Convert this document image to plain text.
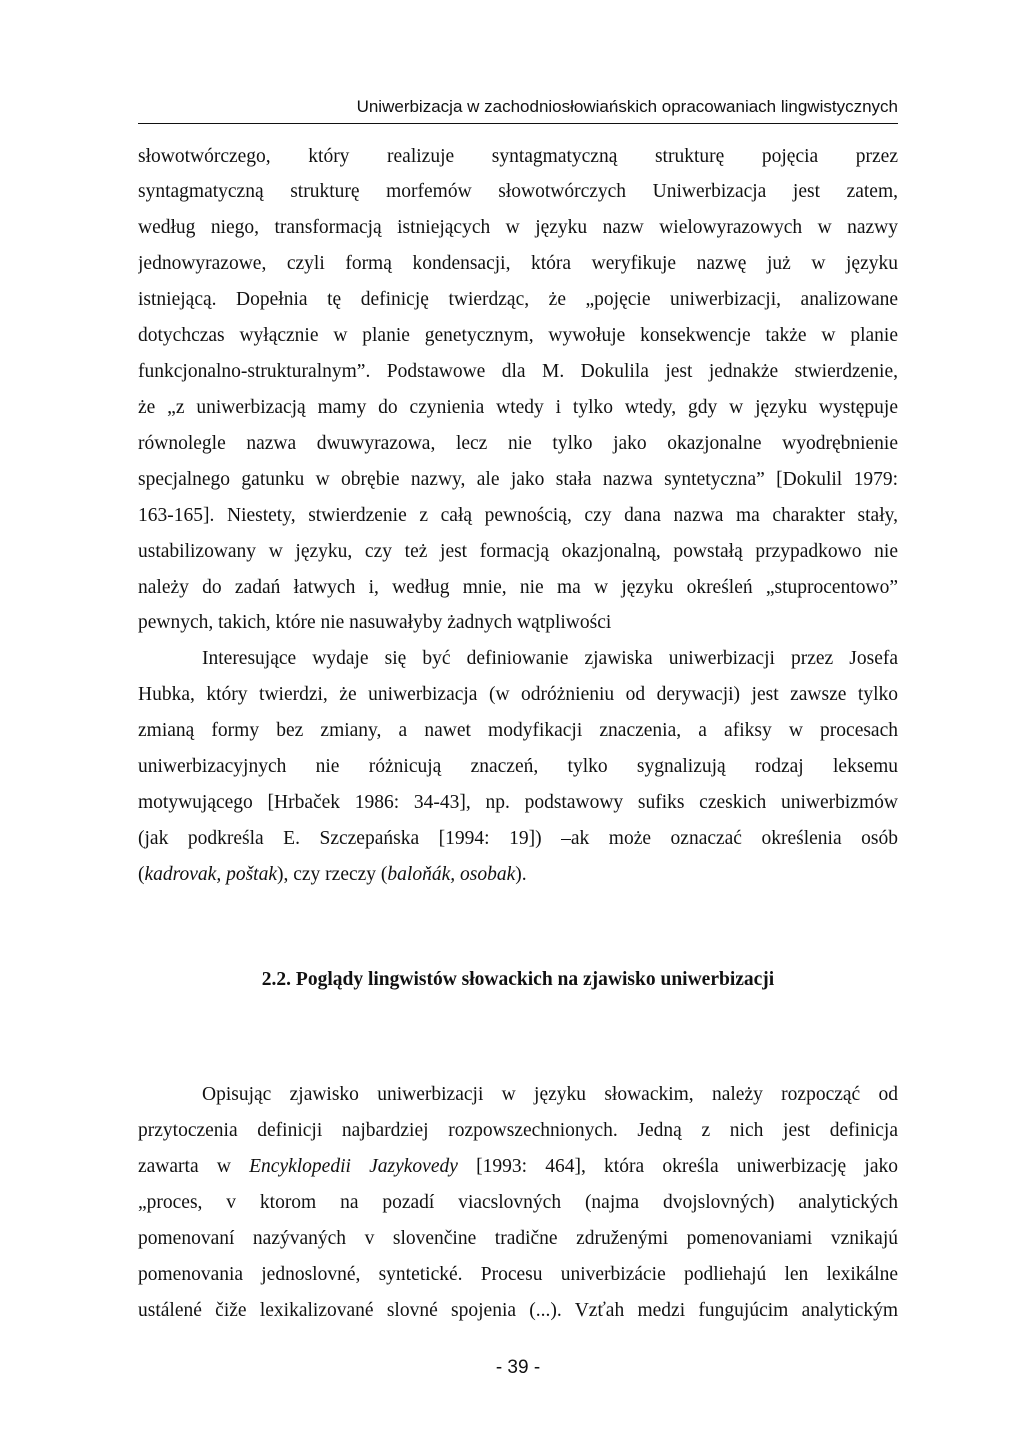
Uniwerbizacja w zachodniosłowiańskich opracowaniach lingwistycznych
słowotwórczego, który realizuje syntagmatyczną strukturę pojęcia przez
syntagmatyczną strukturę morfemów słowotwórczych Uniwerbizacja jest zatem,
według niego, transformacją istniejących w języku nazw wielowyrazowych w nazwy
jednowyrazowe, czyli formą kondensacji, która weryfikuje nazwę już w języku
istniejącą. Dopełnia tę definicję twierdząc, że „pojęcie uniwerbizacji, analizowane
dotychczas wyłącznie w planie genetycznym, wywołuje konsekwencje także w planie
funkcjonalno-strukturalnym”. Podstawowe dla M. Dokulila jest jednakże stwierdzenie,
że „z uniwerbizacją mamy do czynienia wtedy i tylko wtedy, gdy w języku występuje
równolegle nazwa dwuwyrazowa, lecz nie tylko jako okazjonalne wyodrębnienie
specjalnego gatunku w obrębie nazwy, ale jako stała nazwa syntetyczna” [Dokulil 1979:
163-165]. Niestety, stwierdzenie z całą pewnością, czy dana nazwa ma charakter stały,
ustabilizowany w języku, czy też jest formacją okazjonalną, powstałą przypadkowo nie
należy do zadań łatwych i, według mnie, nie ma w języku określeń „stuprocentowo”
pewnych, takich, które nie nasuwałyby żadnych wątpliwości
Interesujące wydaje się być definiowanie zjawiska uniwerbizacji przez Josefa
Hubka, który twierdzi, że uniwerbizacja (w odróżnieniu od derywacji) jest zawsze tylko
zmianą formy bez zmiany, a nawet modyfikacji znaczenia, a afiksy w procesach
uniwerbizacyjnych nie różnicują znaczeń, tylko sygnalizują rodzaj leksemu
motywującego [Hrbaček 1986: 34-43], np. podstawowy sufiks czeskich uniwerbizmów
(jak podkreśla E. Szczepańska [1994: 19]) –ak może oznaczać określenia osób
(kadrovak, poštak), czy rzeczy (baloňák, osobak).
2.2. Poglądy lingwistów słowackich na zjawisko uniwerbizacji
Opisując zjawisko uniwerbizacji w języku słowackim, należy rozpocząć od
przytoczenia definicji najbardziej rozpowszechnionych. Jedną z nich jest definicja
zawarta w Encyklopedii Jazykovedy [1993: 464], która określa uniwerbizację jako
„proces, v ktorom na pozadí viacslovných (najma dvojslovných) analytických
pomenovaní nazývaných v slovenčine tradične združenými pomenovaniami vznikajú
pomenovania jednoslovné, syntetické. Procesu univerbizácie podliehajú len lexikálne
ustálené čiže lexikalizované slovné spojenia (...). Vzťah medzi fungujúcim analytickým
- 39 -
